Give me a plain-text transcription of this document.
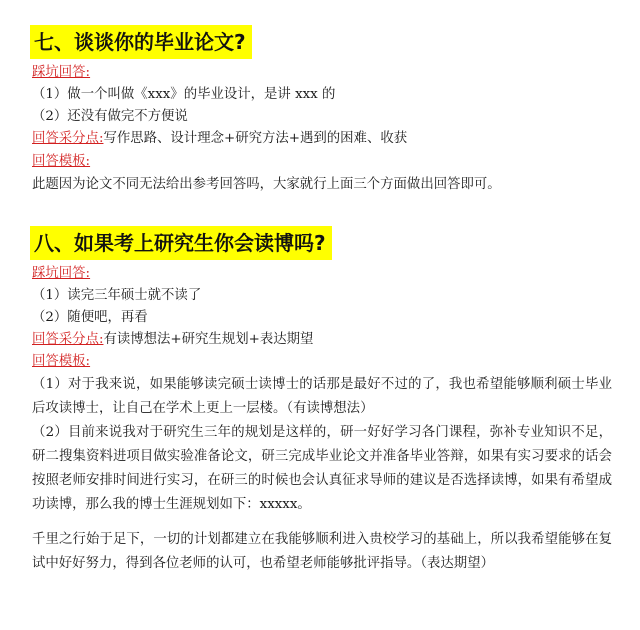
七、谈谈你的毕业论文?
踩坑回答:
（1）做一个叫做《xxx》的毕业设计，是讲 xxx 的
（2）还没有做完不方便说
回答采分点:写作思路、设计理念+研究方法+遇到的困难、收获
回答模板:
此题因为论文不同无法给出参考回答吗，大家就行上面三个方面做出回答即可。
八、如果考上研究生你会读博吗?
踩坑回答:
（1）读完三年硕士就不读了
（2）随便吧，再看
回答采分点:有读博想法+研究生规划+表达期望
回答模板:
（1）对于我来说，如果能够读完硕士读博士的话那是最好不过的了，我也希望能够顺利硕士毕业后攻读博士，让自己在学术上更上一层楼。（有读博想法）
（2）目前来说我对于研究生三年的规划是这样的，研一好好学习各门课程，弥补专业知识不足，研二搜集资料进项目做实验准备论文，研三完成毕业论文并准备毕业答辩，如果有实习要求的话会按照老师安排时间进行实习，在研三的时候也会认真征求导师的建议是否选择读博，如果有希望成功读博，那么我的博士生涯规划如下：xxxxx。
千里之行始于足下，一切的计划都建立在我能够顺利进入贵校学习的基础上，所以我希望能够在复试中好好努力，得到各位老师的认可，也希望老师能够批评指导。（表达期望）
